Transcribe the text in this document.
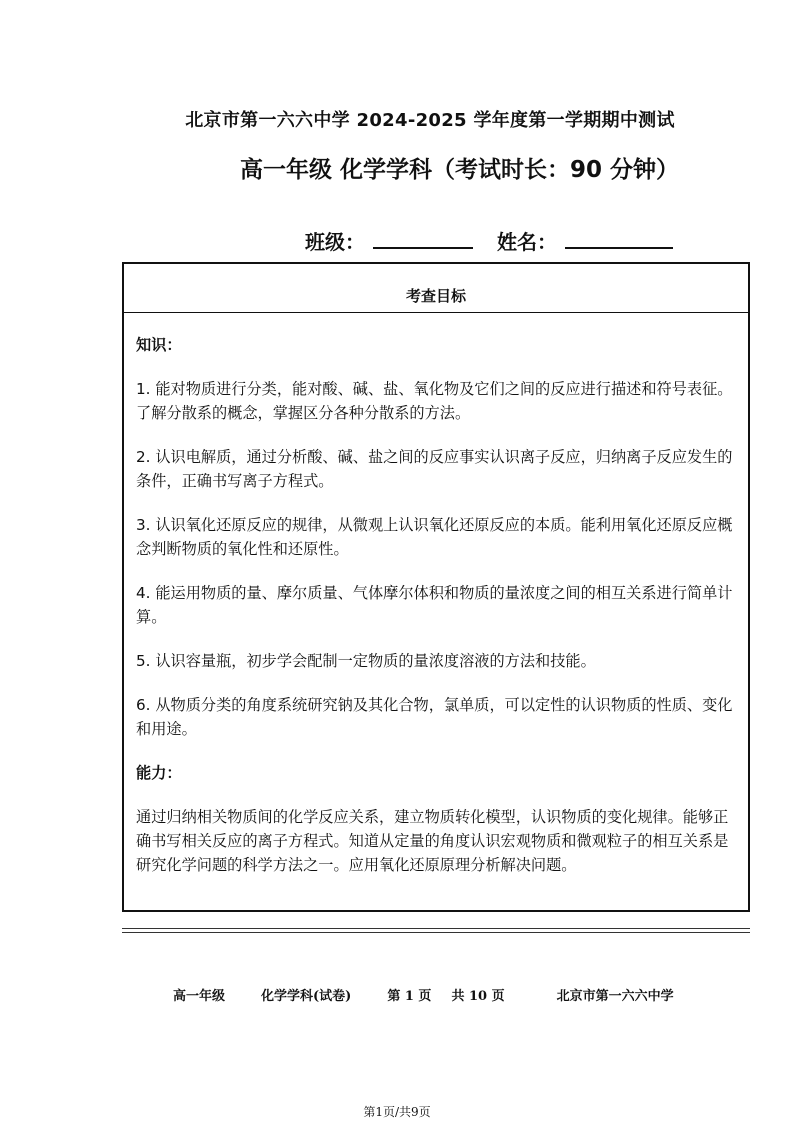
北京市第一六六中学 2024-2025 学年度第一学期期中测试
高一年级 化学学科（考试时长：90 分钟）
班级：	姓名：
考查目标
知识：
1. 能对物质进行分类，能对酸、碱、盐、氧化物及它们之间的反应进行描述和符号表征。了解分散系的概念，掌握区分各种分散系的方法。
2. 认识电解质，通过分析酸、碱、盐之间的反应事实认识离子反应，归纳离子反应发生的条件，正确书写离子方程式。
3. 认识氧化还原反应的规律，从微观上认识氧化还原反应的本质。能利用氧化还原反应概念判断物质的氧化性和还原性。
4. 能运用物质的量、摩尔质量、气体摩尔体积和物质的量浓度之间的相互关系进行简单计算。
5. 认识容量瓶，初步学会配制一定物质的量浓度溶液的方法和技能。
6. 从物质分类的角度系统研究钠及其化合物，氯单质，可以定性的认识物质的性质、变化和用途。
能力：
通过归纳相关物质间的化学反应关系，建立物质转化模型，认识物质的变化规律。能够正确书写相关反应的离子方程式。知道从定量的角度认识宏观物质和微观粒子的相互关系是研究化学问题的科学方法之一。应用氧化还原原理分析解决问题。
高一年级	化学学科(试卷)	第 1 页 共 10 页	北京市第一六六中学
第1页/共9页
